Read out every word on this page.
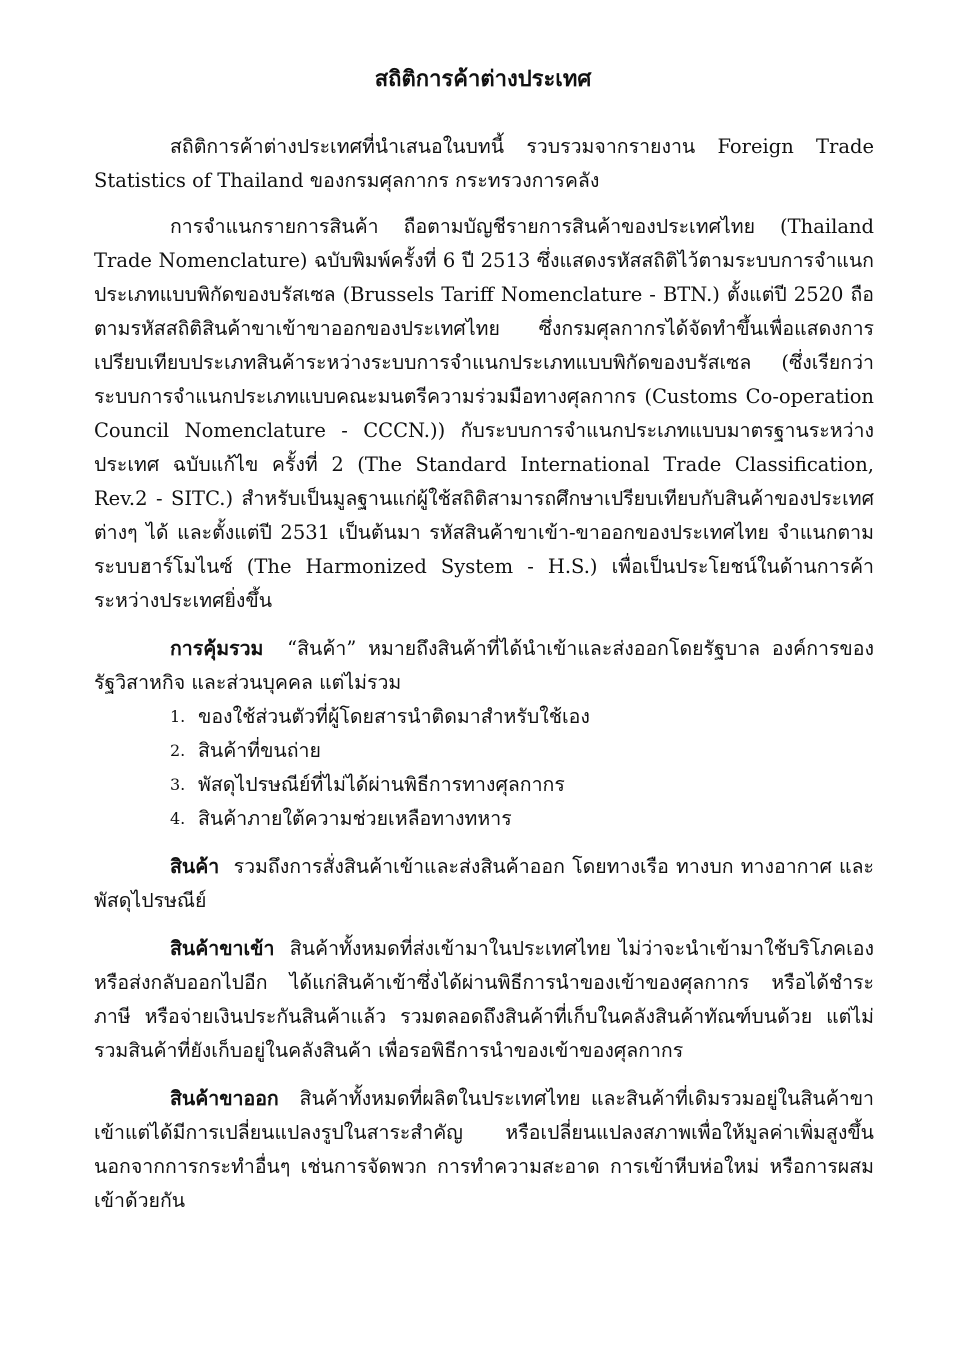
สถิติการค้าต่างประเทศ

สถิติการค้าต่างประเทศที่นำเสนอในบทนี้ รวบรวมจากรายงาน Foreign Trade Statistics of Thailand ของกรมศุลกากร กระทรวงการคลัง

การจำแนกรายการสินค้า ถือตามบัญชีรายการสินค้าของประเทศไทย (Thailand Trade Nomenclature) ฉบับพิมพ์ครั้งที่ 6 ปี 2513 ซึ่งแสดงรหัสสถิติไว้ตามระบบการจำแนกประเภทแบบพิกัดของบรัสเซล (Brussels Tariff Nomenclature - BTN.) ตั้งแต่ปี 2520 ถือตามรหัสสถิติสินค้าขาเข้าขาออกของประเทศไทย ซึ่งกรมศุลกากรได้จัดทำขึ้นเพื่อแสดงการเปรียบเทียบประเภทสินค้าระหว่างระบบการจำแนกประเภทแบบพิกัดของบรัสเซล (ซึ่งเรียกว่า ระบบการจำแนกประเภทแบบคณะมนตรีความร่วมมือทางศุลกากร (Customs Co-operation Council Nomenclature - CCCN.)) กับระบบการจำแนกประเภทแบบมาตรฐานระหว่างประเทศ ฉบับแก้ไข ครั้งที่ 2 (The Standard International Trade Classification, Rev.2 - SITC.) สำหรับเป็นมูลฐานแก่ผู้ใช้สถิติสามารถศึกษาเปรียบเทียบกับสินค้าของประเทศต่างๆ ได้ และตั้งแต่ปี 2531 เป็นต้นมา รหัสสินค้าขาเข้า-ขาออกของประเทศไทย จำแนกตามระบบฮาร์โมไนซ์ (The Harmonized System - H.S.) เพื่อเป็นประโยชน์ในด้านการค้าระหว่างประเทศยิ่งขึ้น

การคุ้มรวม “สินค้า” หมายถึงสินค้าที่ได้นำเข้าและส่งออกโดยรัฐบาล องค์การของรัฐวิสาหกิจ และส่วนบุคคล แต่ไม่รวม

1. ของใช้ส่วนตัวที่ผู้โดยสารนำติดมาสำหรับใช้เอง
2. สินค้าที่ขนถ่าย
3. พัสดุไปรษณีย์ที่ไม่ได้ผ่านพิธีการทางศุลกากร
4. สินค้าภายใต้ความช่วยเหลือทางทหาร

สินค้า รวมถึงการสั่งสินค้าเข้าและส่งสินค้าออก โดยทางเรือ ทางบก ทางอากาศ และพัสดุไปรษณีย์

สินค้าขาเข้า สินค้าทั้งหมดที่ส่งเข้ามาในประเทศไทย ไม่ว่าจะนำเข้ามาใช้บริโภคเอง หรือส่งกลับออกไปอีก ได้แก่สินค้าเข้าซึ่งได้ผ่านพิธีการนำของเข้าของศุลกากร หรือได้ชำระภาษี หรือจ่ายเงินประกันสินค้าแล้ว รวมตลอดถึงสินค้าที่เก็บในคลังสินค้าทัณฑ์บนด้วย แต่ไม่รวมสินค้าที่ยังเก็บอยู่ในคลังสินค้า เพื่อรอพิธีการนำของเข้าของศุลกากร

สินค้าขาออก สินค้าทั้งหมดที่ผลิตในประเทศไทย และสินค้าที่เดิมรวมอยู่ในสินค้าขาเข้าแต่ได้มีการเปลี่ยนแปลงรูปในสาระสำคัญ หรือเปลี่ยนแปลงสภาพเพื่อให้มูลค่าเพิ่มสูงขึ้น นอกจากการกระทำอื่นๆ เช่นการจัดพวก การทำความสะอาด การเข้าหีบห่อใหม่ หรือการผสมเข้าด้วยกัน
